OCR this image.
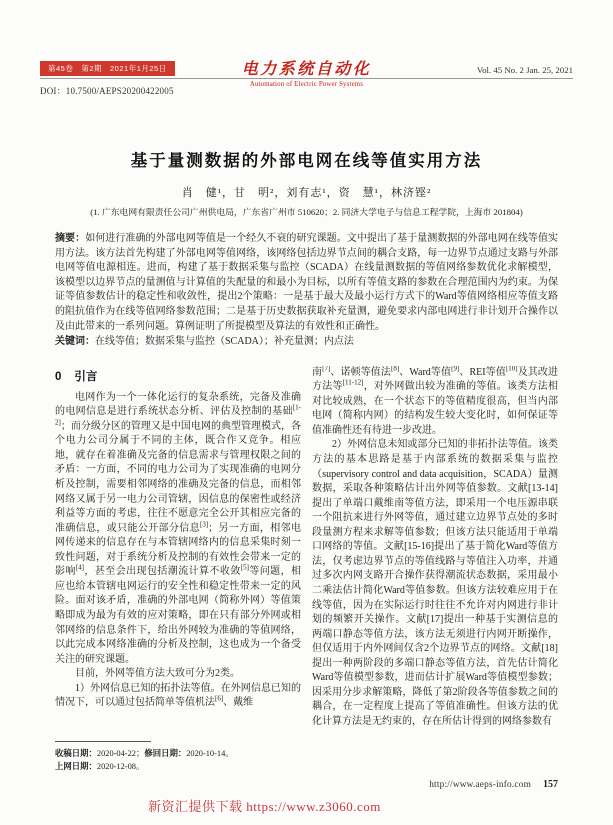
第45卷　第2期　2021年1月25日	电力系统自动化	Vol. 45 No. 2 Jan. 25, 2021
DOI：10.7500/AEPS20200422005
Automation of Electric Power Systems
基于量测数据的外部电网在线等值实用方法
肖　健¹，甘　明²，刘有志¹，资　慧¹，林济铿²
(1. 广东电网有限责任公司广州供电局，广东省广州市 510620；2. 同济大学电子与信息工程学院，上海市 201804)

摘要：如何进行准确的外部电网等值是一个经久不衰的研究课题。文中提出了基于量测数据的外部电网在线等值实用方法。该方法首先构建了外部电网等值网络，该网络包括边界节点间的耦合支路，每一边界节点通过支路与外部电网等值电源相连。进而，构建了基于数据采集与监控（SCADA）在线量测数据的等值网络参数优化求解模型，该模型以边界节点的量测值与计算值的失配量的和最小为目标，以所有等值支路的参数在合理范围内为约束。为保证等值参数估计的稳定性和收敛性，提出2个策略：一是基于最大及最小运行方式下的Ward等值网络相应等值支路的阻抗值作为在线等值网络参数范围；二是基于历史数据获取补充量测，避免要求内部电网进行非计划开合操作以及由此带来的一系列问题。算例证明了所提模型及算法的有效性和正确性。

关键词：在线等值；数据采集与监控（SCADA）；补充量测；内点法

0 引言

电网作为一个一体化运行的复杂系统，完备及准确的电网信息是进行系统状态分析、评估及控制的基础[1-2]；而分级分区的管理又是中国电网的典型管理模式，各个电力公司分属于不同的主体，既合作又竞争。相应地，就存在着准确及完备的信息需求与管理权限之间的矛盾：一方面，不同的电力公司为了实现准确的电网分析及控制，需要相邻网络的准确及完备的信息，而相邻网络又属于另一电力公司管辖，因信息的保密性或经济利益等方面的考虑，往往不愿意完全公开其相应完备的准确信息，或只能公开部分信息[3]；另一方面，相邻电网传递来的信息存在与本管辖网络内的信息采集时刻一致性问题，对于系统分析及控制的有效性会带来一定的影响[4]，甚至会出现包括潮流计算不收敛[5]等问题，相应也给本管辖电网运行的安全性和稳定性带来一定的风险。面对该矛盾，准确的外部电网（简称外网）等值策略即成为最为有效的应对策略，即在只有部分外网或相邻网络的信息条件下，给出外网较为准确的等值网络，以此完成本网络准确的分析及控制，这也成为一个备受关注的研究课题。

目前，外网等值方法大致可分为2类。

1）外网信息已知的拓扑法等值。在外网信息已知的情况下，可以通过包括简单等值机法[6]、戴维

收稿日期：2020-04-22；修回日期：2020-10-14。

上网日期：2020-12-08。

南[7]、诺顿等值法[8]、Ward等值[9]、REI等值[10]及其改进方法等[11-12]，对外网做出较为准确的等值。该类方法相对比较成熟，在一个状态下的等值精度很高，但当内部电网（简称内网）的结构发生较大变化时，如何保证等值准确性还有待进一步改进。

2）外网信息未知或部分已知的非拓扑法等值。该类方法的基本思路是基于内部系统的数据采集与监控（supervisory control and data acquisition，SCADA）量测数据，采取各种策略估计出外网等值参数。文献[13-14]提出了单端口戴维南等值方法，即采用一个电压源串联一个阻抗来进行外网等值，通过建立边界节点处的多时段量测方程来求解等值参数；但该方法只能适用于单端口网络的等值。文献[15-16]提出了基于简化Ward等值方法，仅考虑边界节点的等值线路与等值注入功率，并通过多次内网支路开合操作获得潮流状态数据，采用最小二乘法估计简化Ward等值参数。但该方法较难应用于在线等值，因为在实际运行时往往不允许对内网进行非计划的频繁开关操作。文献[17]提出一种基于实测信息的两端口静态等值方法，该方法无须进行内网开断操作，但仅适用于内外网间仅含2个边界节点的网络。文献[18]提出一种两阶段的多端口静态等值方法，首先估计简化Ward等值模型参数，进而估计扩展Ward等值模型参数；因采用分步求解策略，降低了第2阶段各等值参数之间的耦合，在一定程度上提高了等值准确性。但该方法的优化计算方法是无约束的，存在所估计得到的网络参数有

http://www.aeps-info.com 157

新资汇提供下载 https://www.z3060.com
